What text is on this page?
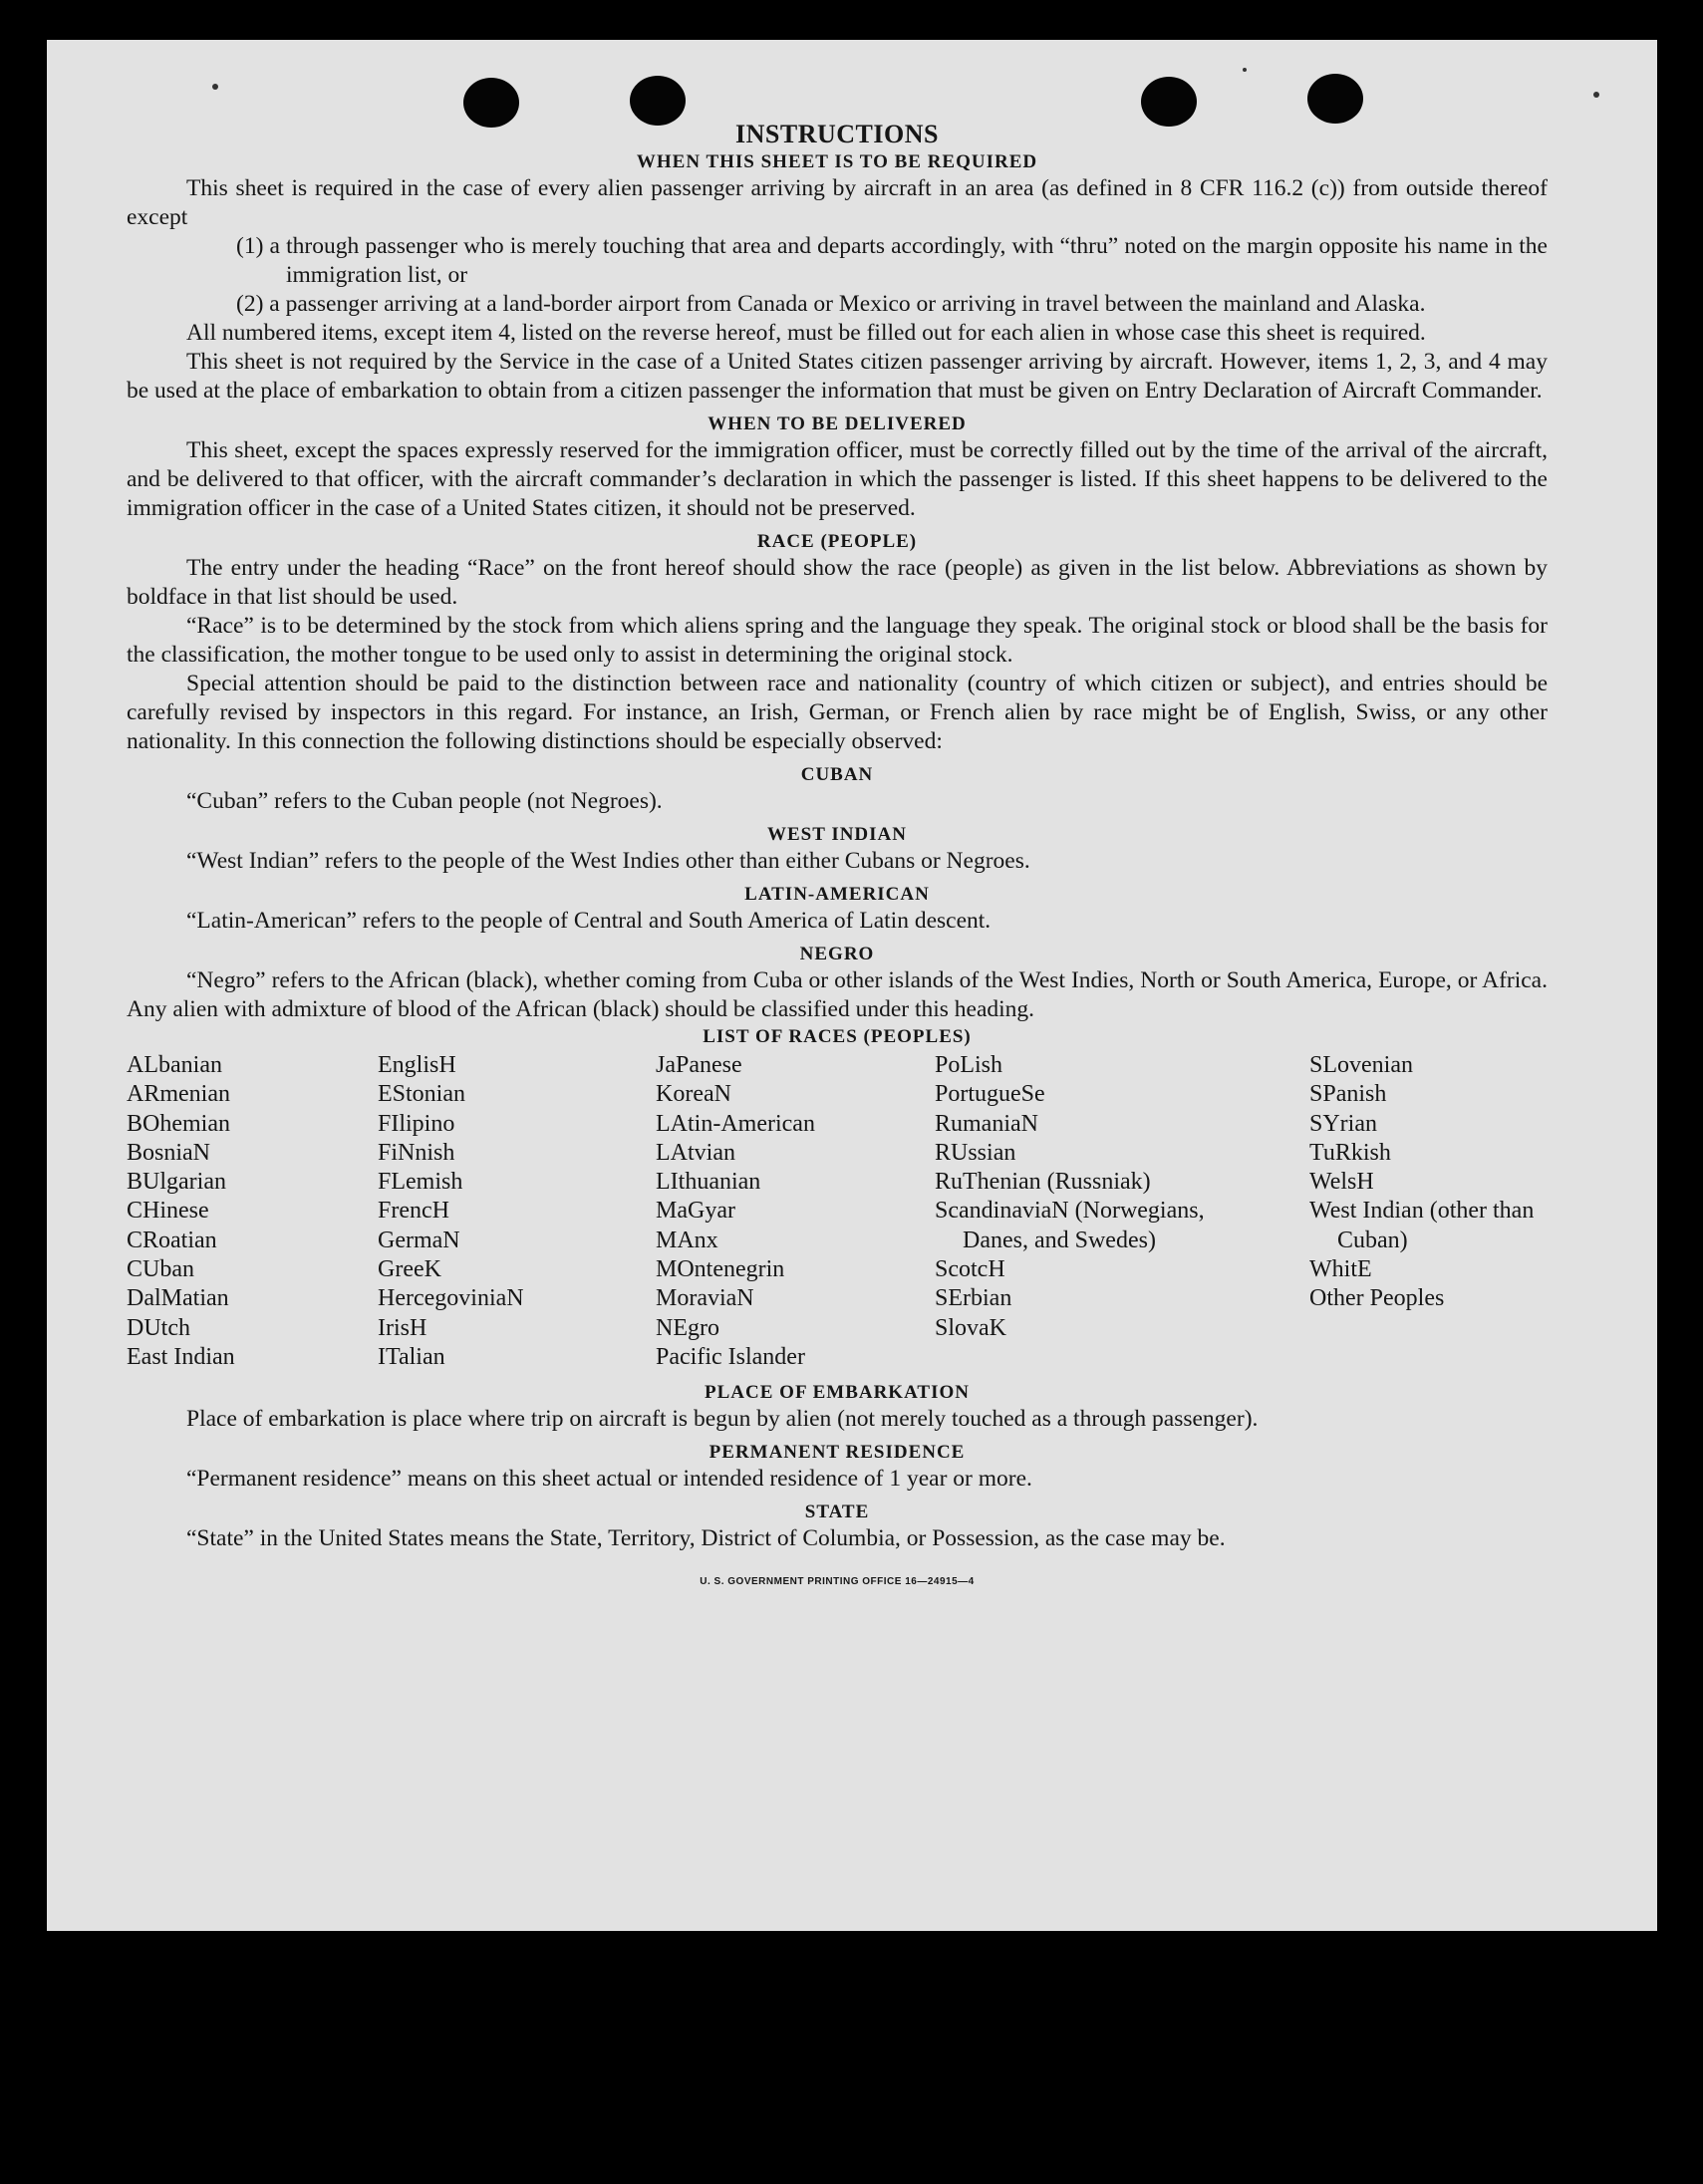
INSTRUCTIONS
WHEN THIS SHEET IS TO BE REQUIRED

This sheet is required in the case of every alien passenger arriving by aircraft in an area (as defined in 8 CFR 116.2 (c)) from outside thereof except

(1) a through passenger who is merely touching that area and departs accordingly, with “thru” noted on the margin opposite his name in the immigration list, or

(2) a passenger arriving at a land-border airport from Canada or Mexico or arriving in travel between the mainland and Alaska.

All numbered items, except item 4, listed on the reverse hereof, must be filled out for each alien in whose case this sheet is required.

This sheet is not required by the Service in the case of a United States citizen passenger arriving by aircraft. However, items 1, 2, 3, and 4 may be used at the place of embarkation to obtain from a citizen passenger the information that must be given on Entry Declaration of Aircraft Commander.

WHEN TO BE DELIVERED

This sheet, except the spaces expressly reserved for the immigration officer, must be correctly filled out by the time of the arrival of the aircraft, and be delivered to that officer, with the aircraft commander’s declaration in which the passenger is listed. If this sheet happens to be delivered to the immigration officer in the case of a United States citizen, it should not be preserved.

RACE (PEOPLE)

The entry under the heading “Race” on the front hereof should show the race (people) as given in the list below. Abbreviations as shown by boldface in that list should be used.

“Race” is to be determined by the stock from which aliens spring and the language they speak. The original stock or blood shall be the basis for the classification, the mother tongue to be used only to assist in determining the original stock.

Special attention should be paid to the distinction between race and nationality (country of which citizen or subject), and entries should be carefully revised by inspectors in this regard. For instance, an Irish, German, or French alien by race might be of English, Swiss, or any other nationality. In this connection the following distinctions should be especially observed:

CUBAN

“Cuban” refers to the Cuban people (not Negroes).

WEST INDIAN

“West Indian” refers to the people of the West Indies other than either Cubans or Negroes.

LATIN-AMERICAN

“Latin-American” refers to the people of Central and South America of Latin descent.

NEGRO

“Negro” refers to the African (black), whether coming from Cuba or other islands of the West Indies, North or South America, Europe, or Africa. Any alien with admixture of blood of the African (black) should be classified under this heading.

LIST OF RACES (PEOPLES)
ALbanian
ARmenian
BOhemian
BosniaN
BUlgarian
CHinese
CRoatian
CUban
DalMatian
DUtch
East Indian
EnglisH
EStonian
FIlipino
FiNnish
FLemish
FrencH
GermaN
GreeK
HercegoviniaN
IrisH
ITalian
JaPanese
KoreaN
LAtin-American
LAtvian
LIthuanian
MaGyar
MAnx
MOntenegrin
MoraviaN
NEgro
Pacific Islander
PoLish
PortugueSe
RumaniaN
RUssian
RuThenian (Russniak)
ScandinaviaN (Norwegians, Danes, and Swedes)
ScotcH
SErbian
SlovaK
SLovenian
SPanish
SYrian
TuRkish
WelsH
West Indian (other than Cuban)
WhitE
Other Peoples
PLACE OF EMBARKATION

Place of embarkation is place where trip on aircraft is begun by alien (not merely touched as a through passenger).

PERMANENT RESIDENCE

“Permanent residence” means on this sheet actual or intended residence of 1 year or more.

STATE

“State” in the United States means the State, Territory, District of Columbia, or Possession, as the case may be.

U. S. GOVERNMENT PRINTING OFFICE 16—24915—4
